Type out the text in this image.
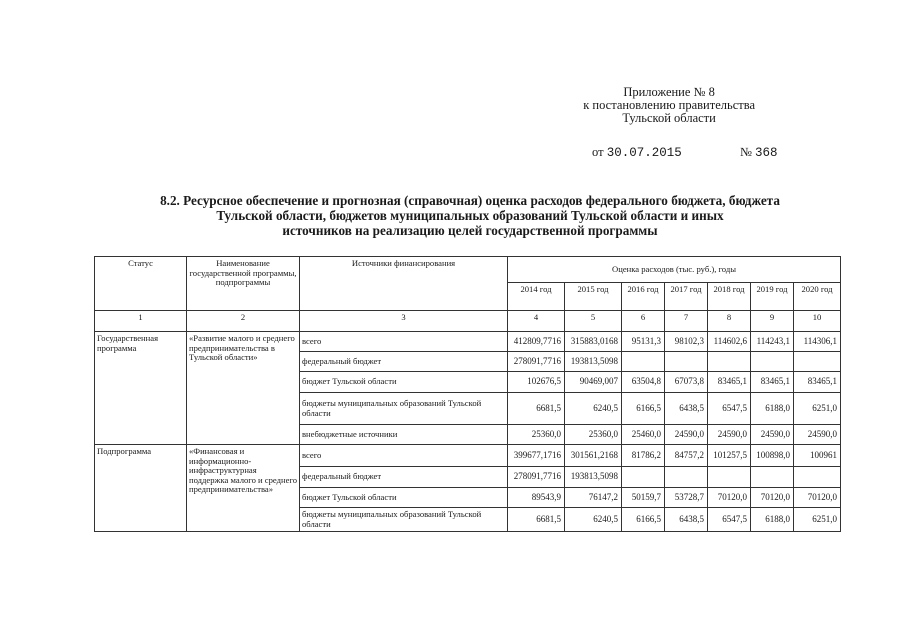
Приложение № 8
к постановлению правительства
Тульской области
от 30.07.2015	№ 368
8.2. Ресурсное обеспечение и прогнозная (справочная) оценка расходов федерального бюджета, бюджета
Тульской области, бюджетов муниципальных образований Тульской области и иных
источников на реализацию целей государственной программы
Статус	Наименование государственной программы, подпрограммы	Источники финансирования	Оценка расходов (тыс. руб.), годы						
			2014 год	2015 год	2016 год	2017 год	2018 год	2019 год	2020 год
1	2	3	4	5	6	7	8	9	10
Государственная программа	«Развитие малого и среднего предпринимательства в Тульской области»	всего	412809,7716	315883,0168	95131,3	98102,3	114602,6	114243,1	114306,1
		федеральный бюджет	278091,7716	193813,5098					
		бюджет Тульской области	102676,5	90469,007	63504,8	67073,8	83465,1	83465,1	83465,1
		бюджеты муниципальных образований Тульской области	6681,5	6240,5	6166,5	6438,5	6547,5	6188,0	6251,0
		внебюджетные источники	25360,0	25360,0	25460,0	24590,0	24590,0	24590,0	24590,0
Подпрограмма	«Финансовая и информационно-инфраструктурная поддержка малого и среднего предпринимательства»	всего	399677,1716	301561,2168	81786,2	84757,2	101257,5	100898,0	100961
		федеральный бюджет	278091,7716	193813,5098					
		бюджет Тульской области	89543,9	76147,2	50159,7	53728,7	70120,0	70120,0	70120,0
		бюджеты муниципальных образований Тульской области	6681,5	6240,5	6166,5	6438,5	6547,5	6188,0	6251,0
